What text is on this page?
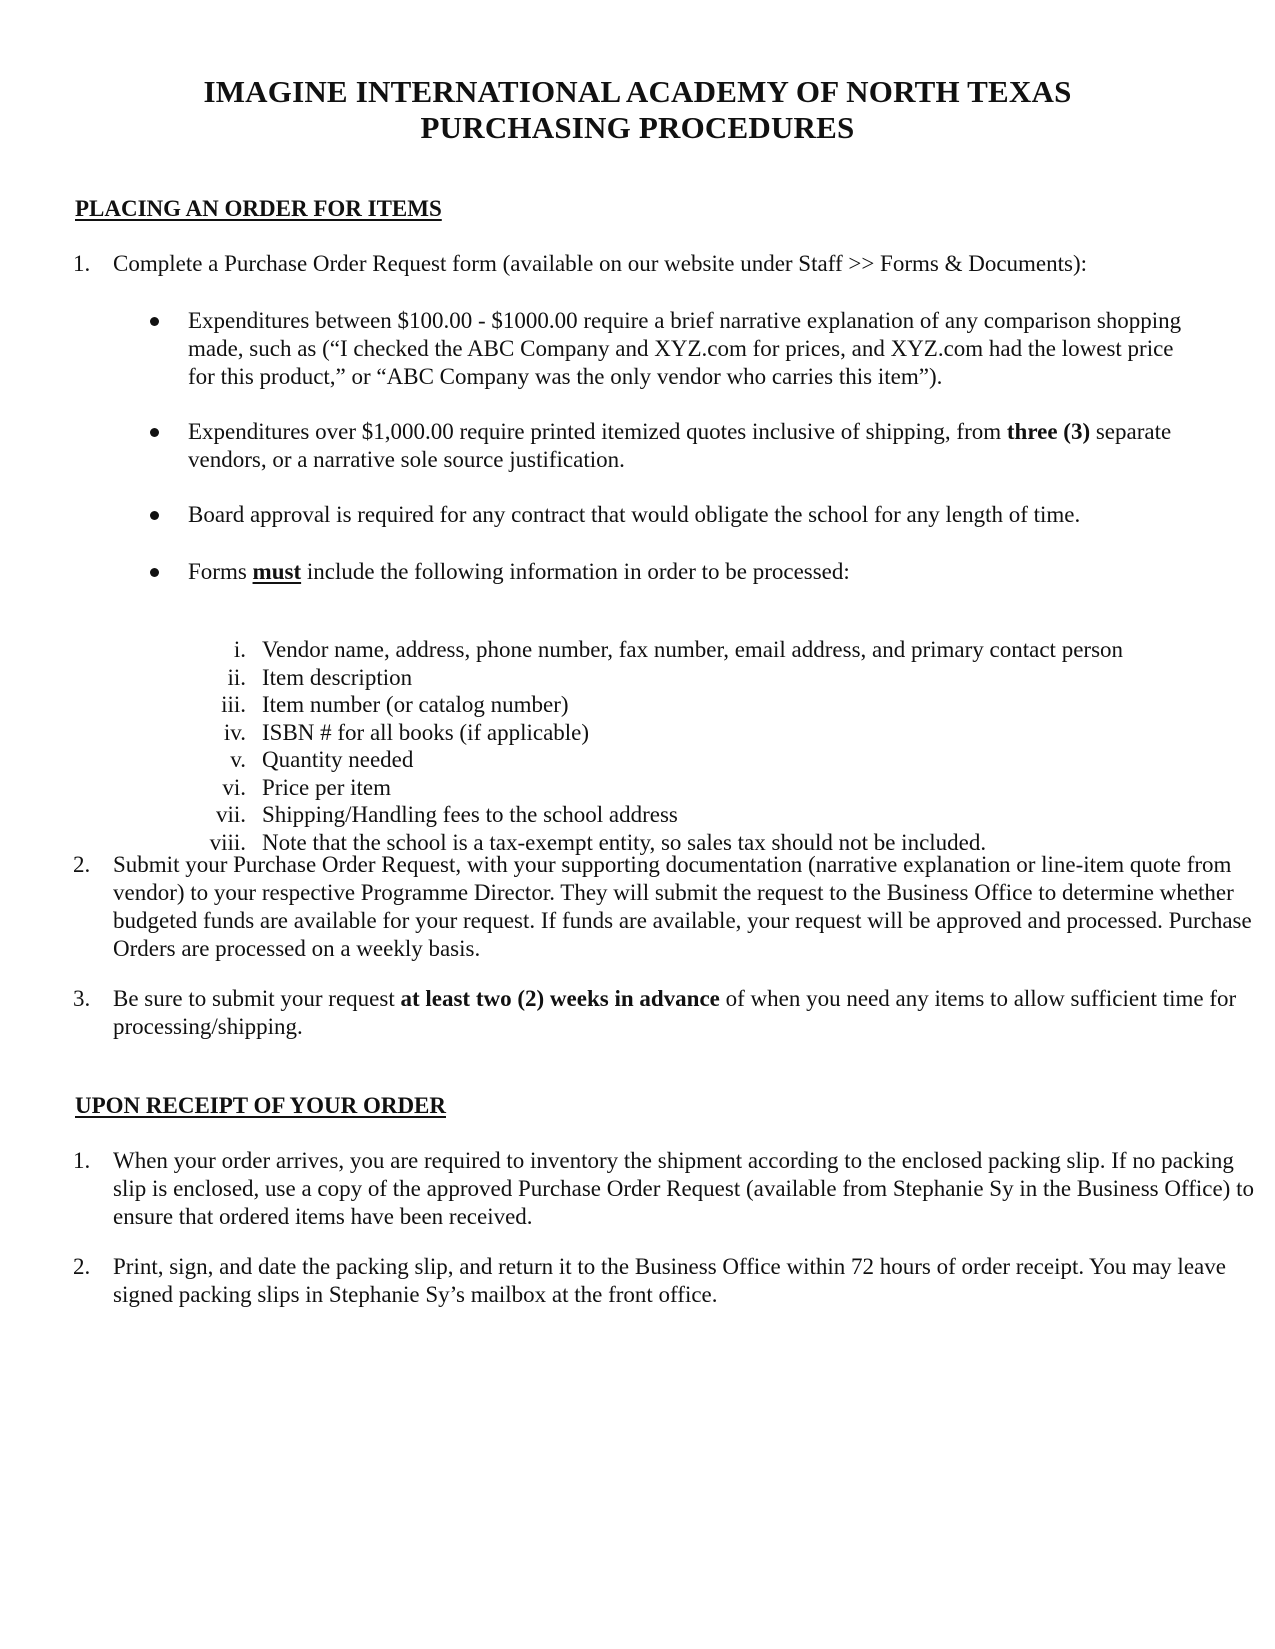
IMAGINE INTERNATIONAL ACADEMY OF NORTH TEXAS
PURCHASING PROCEDURES
PLACING AN ORDER FOR ITEMS
1. Complete a Purchase Order Request form (available on our website under Staff >> Forms & Documents):
Expenditures between $100.00 - $1000.00 require a brief narrative explanation of any comparison shopping made, such as (“I checked the ABC Company and XYZ.com for prices, and XYZ.com had the lowest price for this product,” or “ABC Company was the only vendor who carries this item”).
Expenditures over $1,000.00 require printed itemized quotes inclusive of shipping, from three (3) separate vendors, or a narrative sole source justification.
Board approval is required for any contract that would obligate the school for any length of time.
Forms must include the following information in order to be processed:
i. Vendor name, address, phone number, fax number, email address, and primary contact person
ii. Item description
iii. Item number (or catalog number)
iv. ISBN # for all books (if applicable)
v. Quantity needed
vi. Price per item
vii. Shipping/Handling fees to the school address
viii. Note that the school is a tax-exempt entity, so sales tax should not be included.
2. Submit your Purchase Order Request, with your supporting documentation (narrative explanation or line-item quote from vendor) to your respective Programme Director. They will submit the request to the Business Office to determine whether budgeted funds are available for your request. If funds are available, your request will be approved and processed. Purchase Orders are processed on a weekly basis.
3. Be sure to submit your request at least two (2) weeks in advance of when you need any items to allow sufficient time for processing/shipping.
UPON RECEIPT OF YOUR ORDER
1. When your order arrives, you are required to inventory the shipment according to the enclosed packing slip. If no packing slip is enclosed, use a copy of the approved Purchase Order Request (available from Stephanie Sy in the Business Office) to ensure that ordered items have been received.
2. Print, sign, and date the packing slip, and return it to the Business Office within 72 hours of order receipt. You may leave signed packing slips in Stephanie Sy’s mailbox at the front office.
